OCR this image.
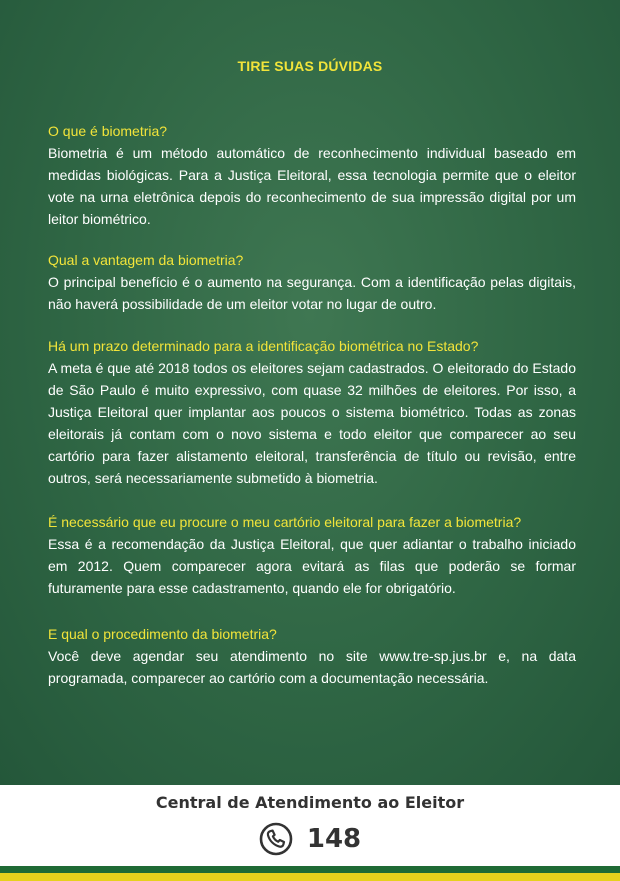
TIRE SUAS DÚVIDAS
O que é biometria?
Biometria é um método automático de reconhecimento individual baseado em medidas biológicas. Para a Justiça Eleitoral, essa tecnologia permite que o eleitor vote na urna eletrônica depois do reconhecimento de sua impressão digital por um leitor biométrico.
Qual a vantagem da biometria?
O principal benefício é o aumento na segurança. Com a identificação pelas digitais, não haverá possibilidade de um eleitor votar no lugar de outro.
Há um prazo determinado para a identificação biométrica no Estado?
A meta é que até 2018 todos os eleitores sejam cadastrados. O eleitorado do Estado de São Paulo é muito expressivo, com quase 32 milhões de eleitores. Por isso, a Justiça Eleitoral quer implantar aos poucos o sistema biométrico. Todas as zonas eleitorais já contam com o novo sistema e todo eleitor que comparecer ao seu cartório para fazer alistamento eleitoral, transferência de título ou revisão, entre outros, será necessariamente submetido à biometria.
É necessário que eu procure o meu cartório eleitoral para fazer a biometria?
Essa é a recomendação da Justiça Eleitoral, que quer adiantar o trabalho iniciado em 2012. Quem comparecer agora evitará as filas que poderão se formar futuramente para esse cadastramento, quando ele for obrigatório.
E qual o procedimento da biometria?
Você deve agendar seu atendimento no site www.tre-sp.jus.br e, na data programada, comparecer ao cartório com a documentação necessária.
Central de Atendimento ao Eleitor
148
